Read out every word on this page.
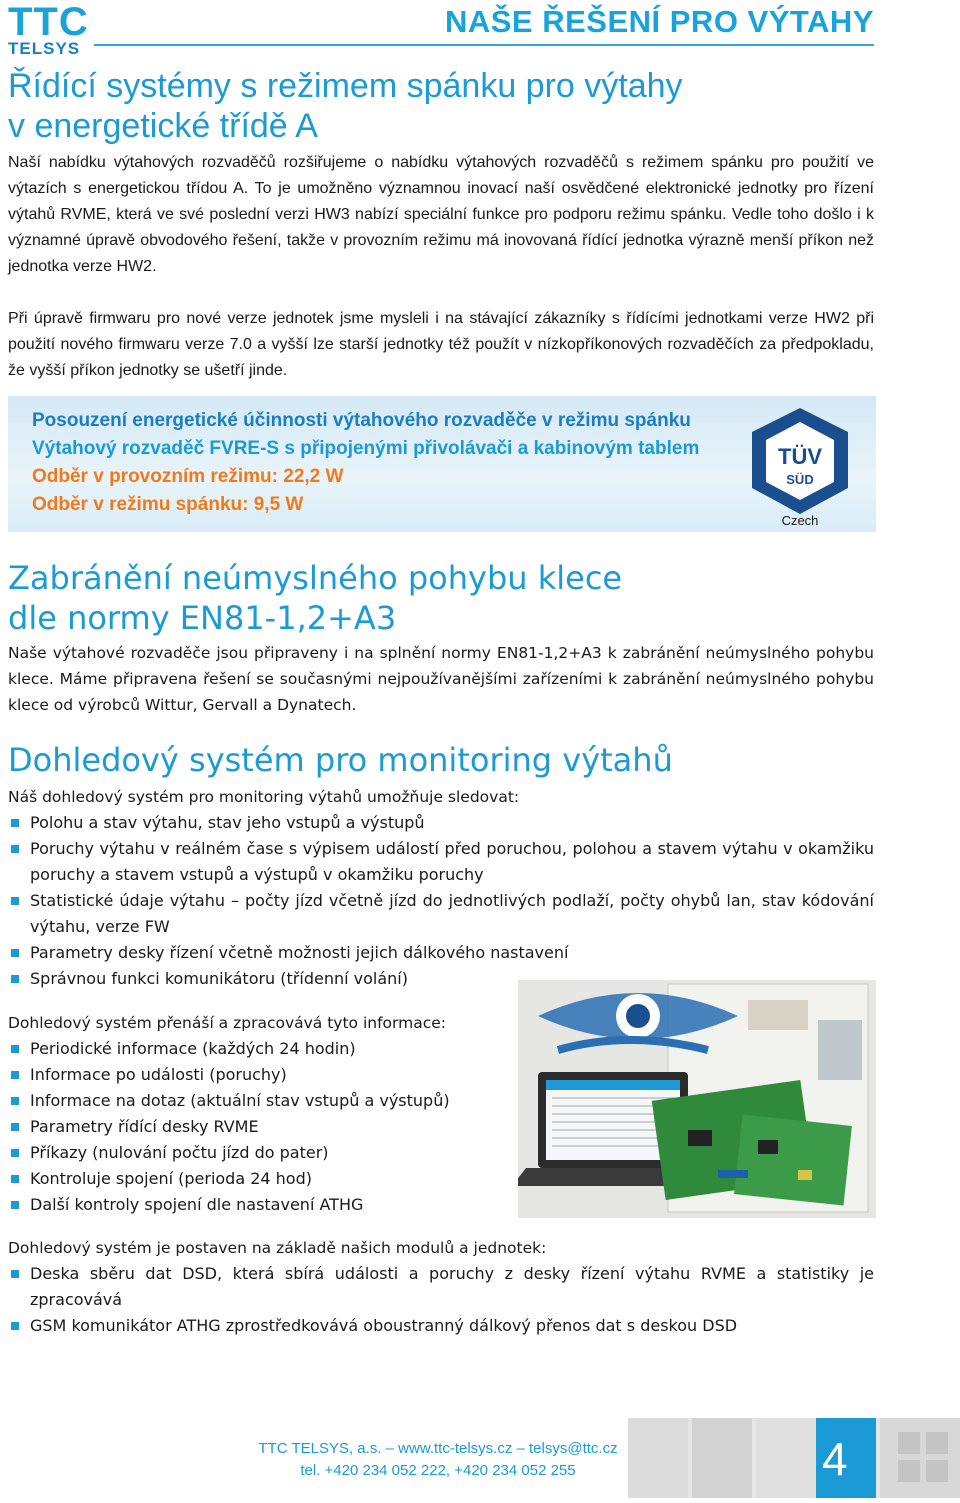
TTC
TELSYS
NAŠE ŘEŠENÍ PRO VÝTAHY
Řídící systémy s režimem spánku pro výtahy
v energetické třídě A

Naší nabídku výtahových rozvaděčů rozšiřujeme o nabídku výtahových rozvaděčů s režimem spánku pro použití ve výtazích s energetickou třídou A. To je umožněno významnou inovací naší osvědčené elektronické jednotky pro řízení výtahů RVME, která ve své poslední verzi HW3 nabízí speciální funkce pro podporu režimu spánku. Vedle toho došlo i k významné úpravě obvodového řešení, takže v provozním režimu má inovovaná řídící jednotka výrazně menší příkon než jednotka verze HW2.

Při úpravě firmwaru pro nové verze jednotek jsme mysleli i na stávající zákazníky s řídícími jednotkami verze HW2 při použití nového firmwaru verze 7.0 a vyšší lze starší jednotky též použít v nízkopříkonových rozvaděčích za předpokladu, že vyšší příkon jednotky se ušetří jinde.

Posouzení energetické účinnosti výtahového rozvaděče v režimu spánku
Výtahový rozvaděč FVRE-S s připojenými přivolávači a kabinovým tablem
Odběr v provozním režimu: 22,2 W
Odběr v režimu spánku: 9,5 W
TÜV
SÜD
Czech
Zabránění neúmyslného pohybu klece
dle normy EN81-1,2+A3

Naše výtahové rozvaděče jsou připraveny i na splnění normy EN81-1,2+A3 k zabránění neúmyslného pohybu klece. Máme připravena řešení se současnými nejpoužívanějšími zařízeními k zabránění neúmyslného pohybu klece od výrobců Wittur, Gervall a Dynatech.

Dohledový systém pro monitoring výtahů

Náš dohledový systém pro monitoring výtahů umožňuje sledovat:

Polohu a stav výtahu, stav jeho vstupů a výstupů
Poruchy výtahu v reálném čase s výpisem událostí před poruchou, polohou a stavem výtahu v okamžiku poruchy a stavem vstupů a výstupů v okamžiku poruchy
Statistické údaje výtahu – počty jízd včetně jízd do jednotlivých podlaží, počty ohybů lan, stav kódování výtahu, verze FW
Parametry desky řízení včetně možnosti jejich dálkového nastavení
Správnou funkci komunikátoru (třídenní volání)

Dohledový systém přenáší a zpracovává tyto informace:

Periodické informace (každých 24 hodin)
Informace po události (poruchy)
Informace na dotaz (aktuální stav vstupů a výstupů)
Parametry řídící desky RVME
Příkazy (nulování počtu jízd do pater)
Kontroluje spojení (perioda 24 hod)
Další kontroly spojení dle nastavení ATHG

Dohledový systém je postaven na základě našich modulů a jednotek:

Deska sběru dat DSD, která sbírá události a poruchy z desky řízení výtahu RVME a statistiky je zpracovává
GSM komunikátor ATHG zprostředkovává oboustranný dálkový přenos dat s deskou DSD
4
TTC TELSYS, a.s. – www.ttc-telsys.cz – telsys@ttc.cz
tel. +420 234 052 222, +420 234 052 255
